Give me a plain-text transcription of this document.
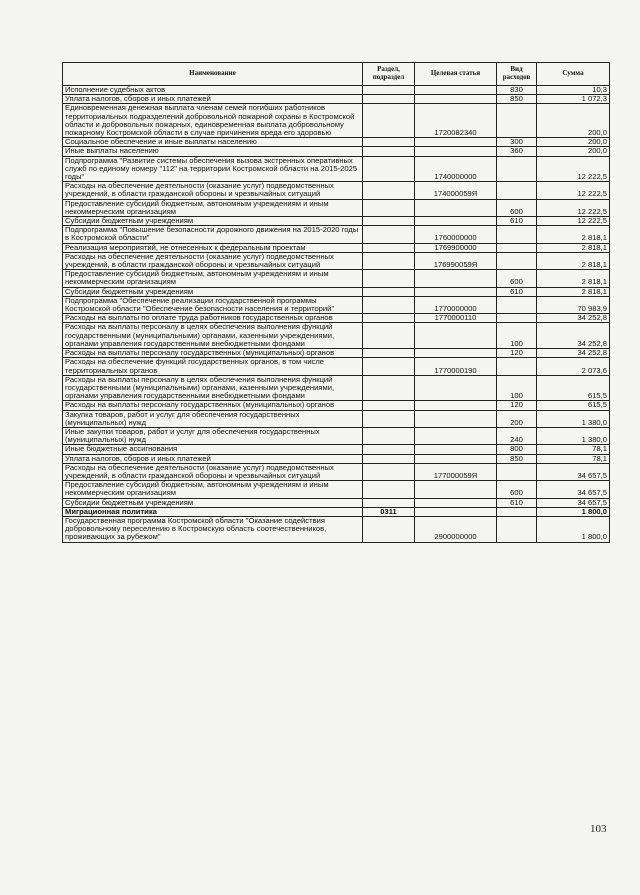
Наименование	Раздел, подраздел	Целевая статья	Вид расходов	Сумма
Исполнение судебных актов			830	10,3
Уплата налогов, сборов и иных платежей			850	1 072,3
Единовременная денежная выплата членам семей погибших работников территориальных подразделений добровольной пожарной охраны в Костромской области и добровольных пожарных, единовременная выплата добровольному пожарному Костромской области в случае причинения вреда его здоровью		1720082340		200,0
Социальное обеспечение и иные выплаты населению			300	200,0
Иные выплаты населению			360	200,0
Подпрограмма "Развитие системы обеспечения вызова экстренных оперативных служб по единому номеру "112" на территории Костромской области на 2015-2025 годы"		1740000000		12 222,5
Расходы на обеспечение деятельности (оказание услуг) подведомственных учреждений, в области гражданской обороны и чрезвычайных ситуаций		174000059Я		12 222,5
Предоставление субсидий бюджетным, автономным учреждениям и иным некоммерческим организациям			600	12 222,5
Субсидии бюджетным учреждениям			610	12 222,5
Подпрограмма "Повышение безопасности дорожного движения на 2015-2020 годы в Костромской области"		1760000000		2 818,1
Реализация мероприятий, не отнесенных к федеральным проектам		1769900000		2 818,1
Расходы на обеспечение деятельности (оказание услуг) подведомственных учреждений, в области гражданской обороны и чрезвычайных ситуаций		176990059Я		2 818,1
Предоставление субсидий бюджетным, автономным учреждениям и иным некоммерческим организациям			600	2 818,1
Субсидии бюджетным учреждениям			610	2 818,1
Подпрограмма "Обеспечение реализации государственной программы Костромской области "Обеспечение безопасности населения и территорий"		1770000000		70 983,9
Расходы на выплаты по оплате труда работников государственных органов		1770000110		34 252,8
Расходы на выплаты персоналу в целях обеспечения выполнения функций государственными (муниципальными) органами, казенными учреждениями, органами управления государственными внебюджетными фондами			100	34 252,8
Расходы на выплаты персоналу государственных (муниципальных) органов			120	34 252,8
Расходы на обеспечение функций государственных органов, в том числе территориальных органов		1770000190		2 073,6
Расходы на выплаты персоналу в целях обеспечения выполнения функций государственными (муниципальными) органами, казенными учреждениями, органами управления государственными внебюджетными фондами			100	615,5
Расходы на выплаты персоналу государственных (муниципальных) органов			120	615,5
Закупка товаров, работ и услуг для обеспечения государственных (муниципальных) нужд			200	1 380,0
Иные закупки товаров, работ и услуг для обеспечения государственных (муниципальных) нужд			240	1 380,0
Иные бюджетные ассигнования			800	78,1
Уплата налогов, сборов и иных платежей			850	78,1
Расходы на обеспечение деятельности (оказание услуг) подведомственных учреждений, в области гражданской обороны и чрезвычайных ситуаций		177000059Я		34 657,5
Предоставление субсидий бюджетным, автономным учреждениям и иным некоммерческим организациям			600	34 657,5
Субсидии бюджетным учреждениям			610	34 657,5
Миграционная политика	0311			1 800,0
Государственная программа Костромской области "Оказание содействия добровольному переселению в Костромскую область соотечественников, проживающих за рубежом"		2900000000		1 800,0
103
